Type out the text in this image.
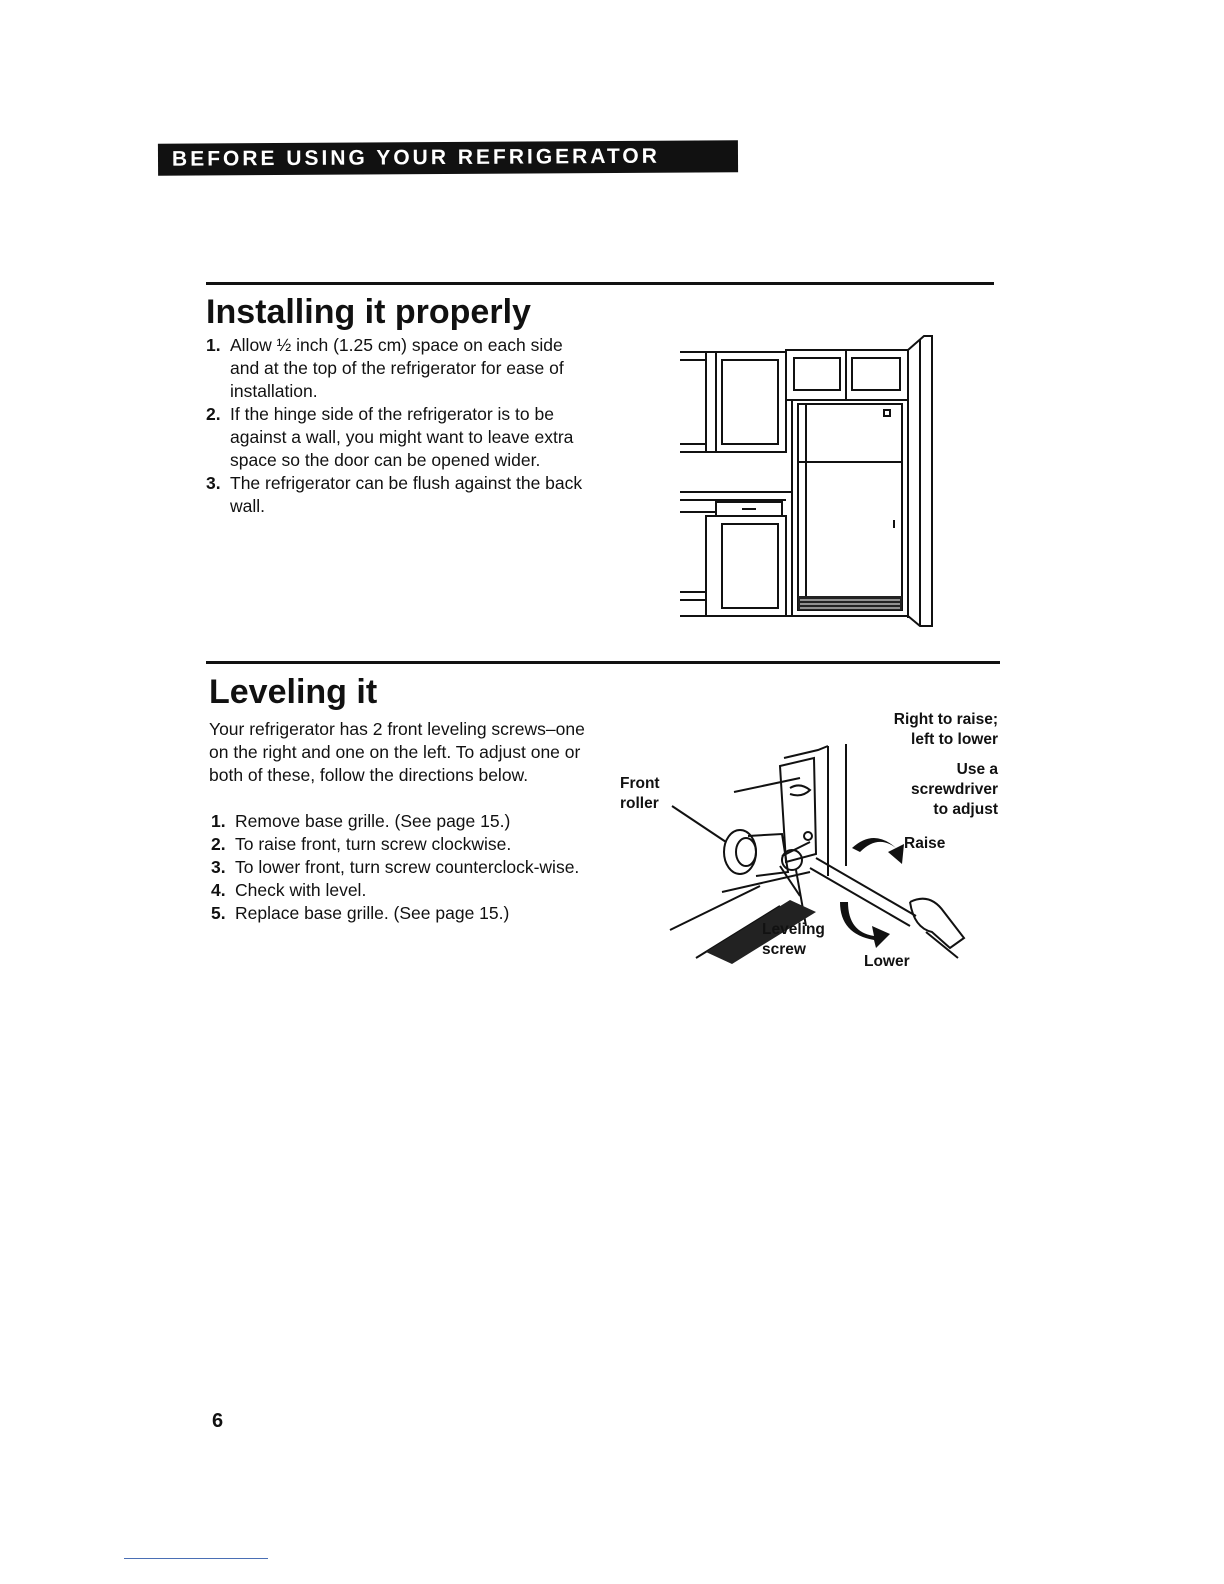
BEFORE USING YOUR REFRIGERATOR
Installing it properly
1. Allow ½ inch (1.25 cm) space on each side and at the top of the refrigerator for ease of installation.
2. If the hinge side of the refrigerator is to be against a wall, you might want to leave extra space so the door can be opened wider.
3. The refrigerator can be flush against the back wall.
Leveling it

Your refrigerator has 2 front leveling screws–one on the right and one on the left. To adjust one or both of these, follow the directions below.

1. Remove base grille. (See page 15.)
2. To raise front, turn screw clockwise.
3. To lower front, turn screw counterclock-wise.
4. Check with level.
5. Replace base grille. (See page 15.)
Right to raise;
left to lower
Use a
screwdriver
to adjust
Raise
Front
roller
Leveling
screw
Lower
6
